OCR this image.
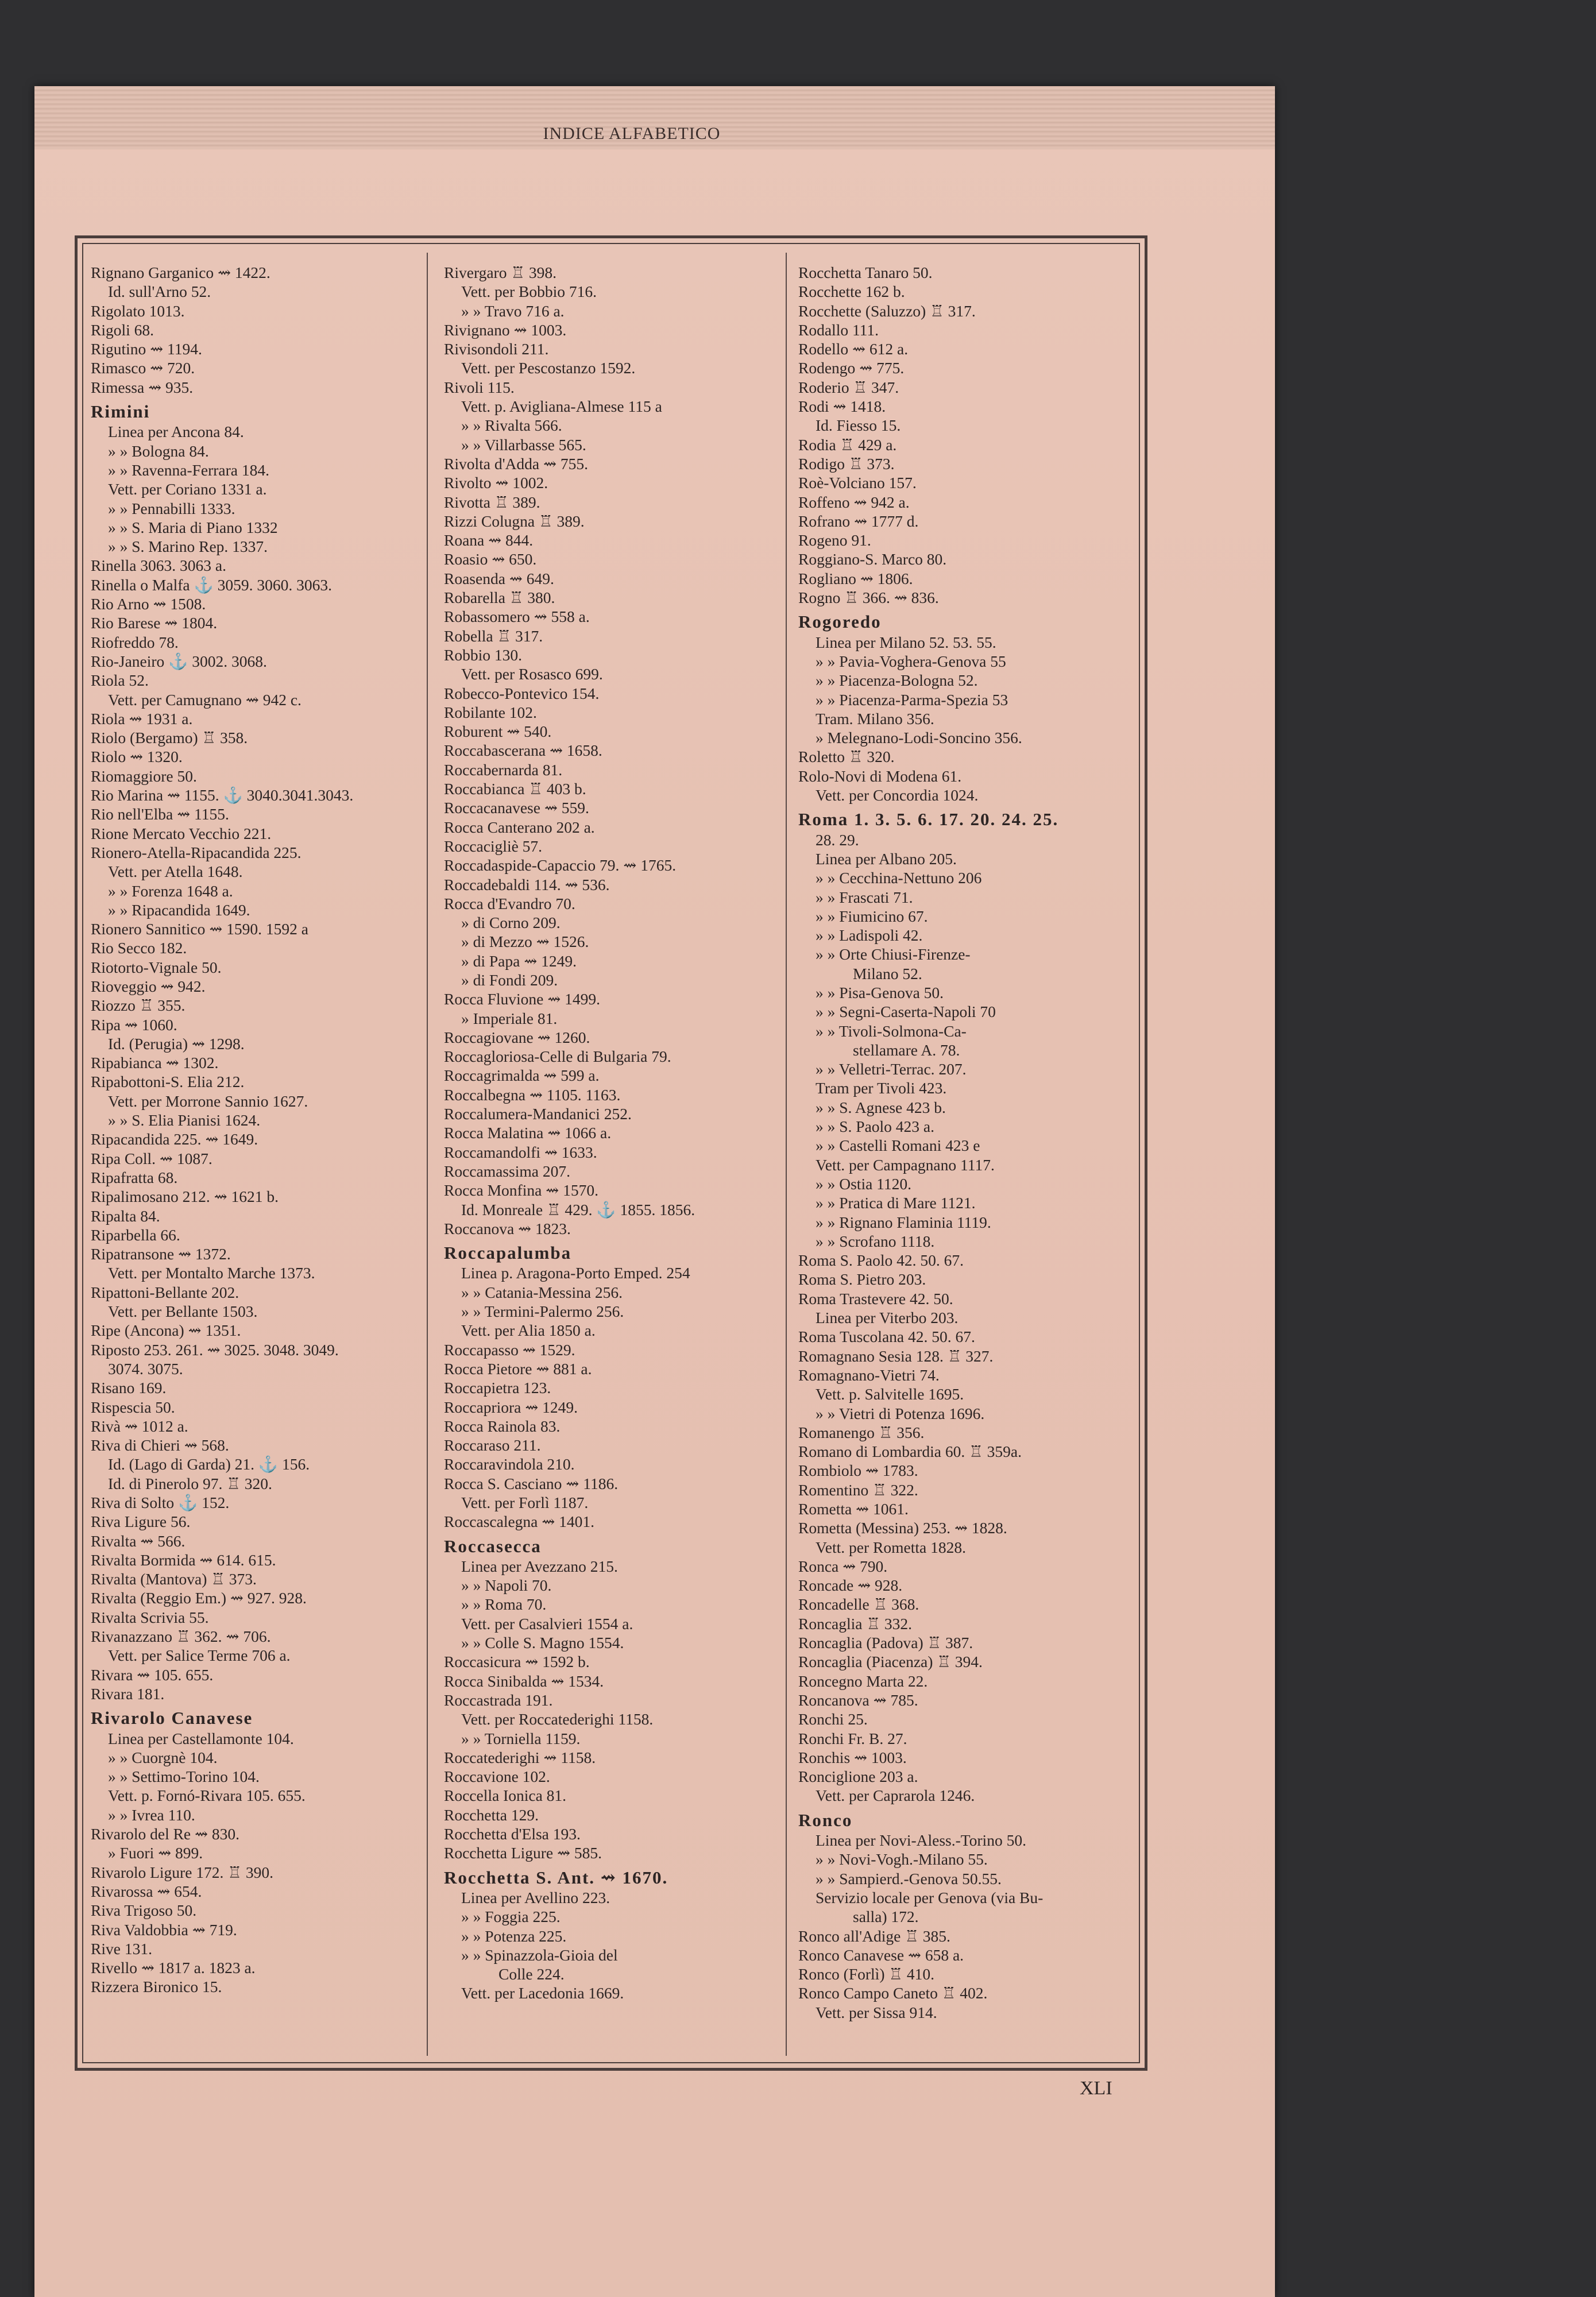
INDICE ALFABETICO
Rignano Garganico ⇝ 1422.
Id. sull'Arno 52.
Rigolato 1013.
Rigoli 68.
Rigutino ⇝ 1194.
Rimasco ⇝ 720.
Rimessa ⇝ 935.
Rimini
Linea per Ancona 84.
» » Bologna 84.
» » Ravenna-Ferrara 184.
Vett. per Coriano 1331 a.
» » Pennabilli 1333.
» » S. Maria di Piano 1332
» » S. Marino Rep. 1337.
Rinella 3063. 3063 a.
Rinella o Malfa ⚓ 3059. 3060. 3063.
Rio Arno ⇝ 1508.
Rio Barese ⇝ 1804.
Riofreddo 78.
Rio-Janeiro ⚓ 3002. 3068.
Riola 52.
Vett. per Camugnano ⇝ 942 c.
Riola ⇝ 1931 a.
Riolo (Bergamo) ♖ 358.
Riolo ⇝ 1320.
Riomaggiore 50.
Rio Marina ⇝ 1155. ⚓ 3040.3041.3043.
Rio nell'Elba ⇝ 1155.
Rione Mercato Vecchio 221.
Rionero-Atella-Ripacandida 225.
Vett. per Atella 1648.
» » Forenza 1648 a.
» » Ripacandida 1649.
Rionero Sannitico ⇝ 1590. 1592 a
Rio Secco 182.
Riotorto-Vignale 50.
Rioveggio ⇝ 942.
Riozzo ♖ 355.
Ripa ⇝ 1060.
Id. (Perugia) ⇝ 1298.
Ripabianca ⇝ 1302.
Ripabottoni-S. Elia 212.
Vett. per Morrone Sannio 1627.
» » S. Elia Pianisi 1624.
Ripacandida 225. ⇝ 1649.
Ripa Coll. ⇝ 1087.
Ripafratta 68.
Ripalimosano 212. ⇝ 1621 b.
Ripalta 84.
Riparbella 66.
Ripatransone ⇝ 1372.
Vett. per Montalto Marche 1373.
Ripattoni-Bellante 202.
Vett. per Bellante 1503.
Ripe (Ancona) ⇝ 1351.
Riposto 253. 261. ⇝ 3025. 3048. 3049.
3074. 3075.
Risano 169.
Rispescia 50.
Rivà ⇝ 1012 a.
Riva di Chieri ⇝ 568.
Id. (Lago di Garda) 21. ⚓ 156.
Id. di Pinerolo 97. ♖ 320.
Riva di Solto ⚓ 152.
Riva Ligure 56.
Rivalta ⇝ 566.
Rivalta Bormida ⇝ 614. 615.
Rivalta (Mantova) ♖ 373.
Rivalta (Reggio Em.) ⇝ 927. 928.
Rivalta Scrivia 55.
Rivanazzano ♖ 362. ⇝ 706.
Vett. per Salice Terme 706 a.
Rivara ⇝ 105. 655.
Rivara 181.
Rivarolo Canavese
Linea per Castellamonte 104.
» » Cuorgnè 104.
» » Settimo-Torino 104.
Vett. p. Fornó-Rivara 105. 655.
» » Ivrea 110.
Rivarolo del Re ⇝ 830.
» Fuori ⇝ 899.
Rivarolo Ligure 172. ♖ 390.
Rivarossa ⇝ 654.
Riva Trigoso 50.
Riva Valdobbia ⇝ 719.
Rive 131.
Rivello ⇝ 1817 a. 1823 a.
Rizzera Bironico 15.
Rivergaro ♖ 398.
Vett. per Bobbio 716.
» » Travo 716 a.
Rivignano ⇝ 1003.
Rivisondoli 211.
Vett. per Pescostanzo 1592.
Rivoli 115.
Vett. p. Avigliana-Almese 115 a
» » Rivalta 566.
» » Villarbasse 565.
Rivolta d'Adda ⇝ 755.
Rivolto ⇝ 1002.
Rivotta ♖ 389.
Rizzi Colugna ♖ 389.
Roana ⇝ 844.
Roasio ⇝ 650.
Roasenda ⇝ 649.
Robarella ♖ 380.
Robassomero ⇝ 558 a.
Robella ♖ 317.
Robbio 130.
Vett. per Rosasco 699.
Robecco-Pontevico 154.
Robilante 102.
Roburent ⇝ 540.
Roccabascerana ⇝ 1658.
Roccabernarda 81.
Roccabianca ♖ 403 b.
Roccacanavese ⇝ 559.
Rocca Canterano 202 a.
Roccacigliè 57.
Roccadaspide-Capaccio 79. ⇝ 1765.
Roccadebaldi 114. ⇝ 536.
Rocca d'Evandro 70.
» di Corno 209.
» di Mezzo ⇝ 1526.
» di Papa ⇝ 1249.
» di Fondi 209.
Rocca Fluvione ⇝ 1499.
» Imperiale 81.
Roccagiovane ⇝ 1260.
Roccagloriosa-Celle di Bulgaria 79.
Roccagrimalda ⇝ 599 a.
Roccalbegna ⇝ 1105. 1163.
Roccalumera-Mandanici 252.
Rocca Malatina ⇝ 1066 a.
Roccamandolfi ⇝ 1633.
Roccamassima 207.
Rocca Monfina ⇝ 1570.
Id. Monreale ♖ 429. ⚓ 1855. 1856.
Roccanova ⇝ 1823.
Roccapalumba
Linea p. Aragona-Porto Emped. 254
» » Catania-Messina 256.
» » Termini-Palermo 256.
Vett. per Alia 1850 a.
Roccapasso ⇝ 1529.
Rocca Pietore ⇝ 881 a.
Roccapietra 123.
Roccapriora ⇝ 1249.
Rocca Rainola 83.
Roccaraso 211.
Roccaravindola 210.
Rocca S. Casciano ⇝ 1186.
Vett. per Forlì 1187.
Roccascalegna ⇝ 1401.
Roccasecca
Linea per Avezzano 215.
» » Napoli 70.
» » Roma 70.
Vett. per Casalvieri 1554 a.
» » Colle S. Magno 1554.
Roccasicura ⇝ 1592 b.
Rocca Sinibalda ⇝ 1534.
Roccastrada 191.
Vett. per Roccatederighi 1158.
» » Torniella 1159.
Roccatederighi ⇝ 1158.
Roccavione 102.
Roccella Ionica 81.
Rocchetta 129.
Rocchetta d'Elsa 193.
Rocchetta Ligure ⇝ 585.
Rocchetta S. Ant. ⇝ 1670.
Linea per Avellino 223.
» » Foggia 225.
» » Potenza 225.
» » Spinazzola-Gioia del
Colle 224.
Vett. per Lacedonia 1669.
Rocchetta Tanaro 50.
Rocchette 162 b.
Rocchette (Saluzzo) ♖ 317.
Rodallo 111.
Rodello ⇝ 612 a.
Rodengo ⇝ 775.
Roderio ♖ 347.
Rodi ⇝ 1418.
Id. Fiesso 15.
Rodia ♖ 429 a.
Rodigo ♖ 373.
Roè-Volciano 157.
Roffeno ⇝ 942 a.
Rofrano ⇝ 1777 d.
Rogeno 91.
Roggiano-S. Marco 80.
Rogliano ⇝ 1806.
Rogno ♖ 366. ⇝ 836.
Rogoredo
Linea per Milano 52. 53. 55.
» » Pavia-Voghera-Genova 55
» » Piacenza-Bologna 52.
» » Piacenza-Parma-Spezia 53
Tram. Milano 356.
» Melegnano-Lodi-Soncino 356.
Roletto ♖ 320.
Rolo-Novi di Modena 61.
Vett. per Concordia 1024.
Roma 1. 3. 5. 6. 17. 20. 24. 25.
28. 29.
Linea per Albano 205.
» » Cecchina-Nettuno 206
» » Frascati 71.
» » Fiumicino 67.
» » Ladispoli 42.
» » Orte Chiusi-Firenze-
Milano 52.
» » Pisa-Genova 50.
» » Segni-Caserta-Napoli 70
» » Tivoli-Solmona-Ca-
stellamare A. 78.
» » Velletri-Terrac. 207.
Tram per Tivoli 423.
» » S. Agnese 423 b.
» » S. Paolo 423 a.
» » Castelli Romani 423 e
Vett. per Campagnano 1117.
» » Ostia 1120.
» » Pratica di Mare 1121.
» » Rignano Flaminia 1119.
» » Scrofano 1118.
Roma S. Paolo 42. 50. 67.
Roma S. Pietro 203.
Roma Trastevere 42. 50.
Linea per Viterbo 203.
Roma Tuscolana 42. 50. 67.
Romagnano Sesia 128. ♖ 327.
Romagnano-Vietri 74.
Vett. p. Salvitelle 1695.
» » Vietri di Potenza 1696.
Romanengo ♖ 356.
Romano di Lombardia 60. ♖ 359a.
Rombiolo ⇝ 1783.
Romentino ♖ 322.
Rometta ⇝ 1061.
Rometta (Messina) 253. ⇝ 1828.
Vett. per Rometta 1828.
Ronca ⇝ 790.
Roncade ⇝ 928.
Roncadelle ♖ 368.
Roncaglia ♖ 332.
Roncaglia (Padova) ♖ 387.
Roncaglia (Piacenza) ♖ 394.
Roncegno Marta 22.
Roncanova ⇝ 785.
Ronchi 25.
Ronchi Fr. B. 27.
Ronchis ⇝ 1003.
Ronciglione 203 a.
Vett. per Caprarola 1246.
Ronco
Linea per Novi-Aless.-Torino 50.
» » Novi-Vogh.-Milano 55.
» » Sampierd.-Genova 50.55.
Servizio locale per Genova (via Bu-
salla) 172.
Ronco all'Adige ♖ 385.
Ronco Canavese ⇝ 658 a.
Ronco (Forlì) ♖ 410.
Ronco Campo Caneto ♖ 402.
Vett. per Sissa 914.
XLI
